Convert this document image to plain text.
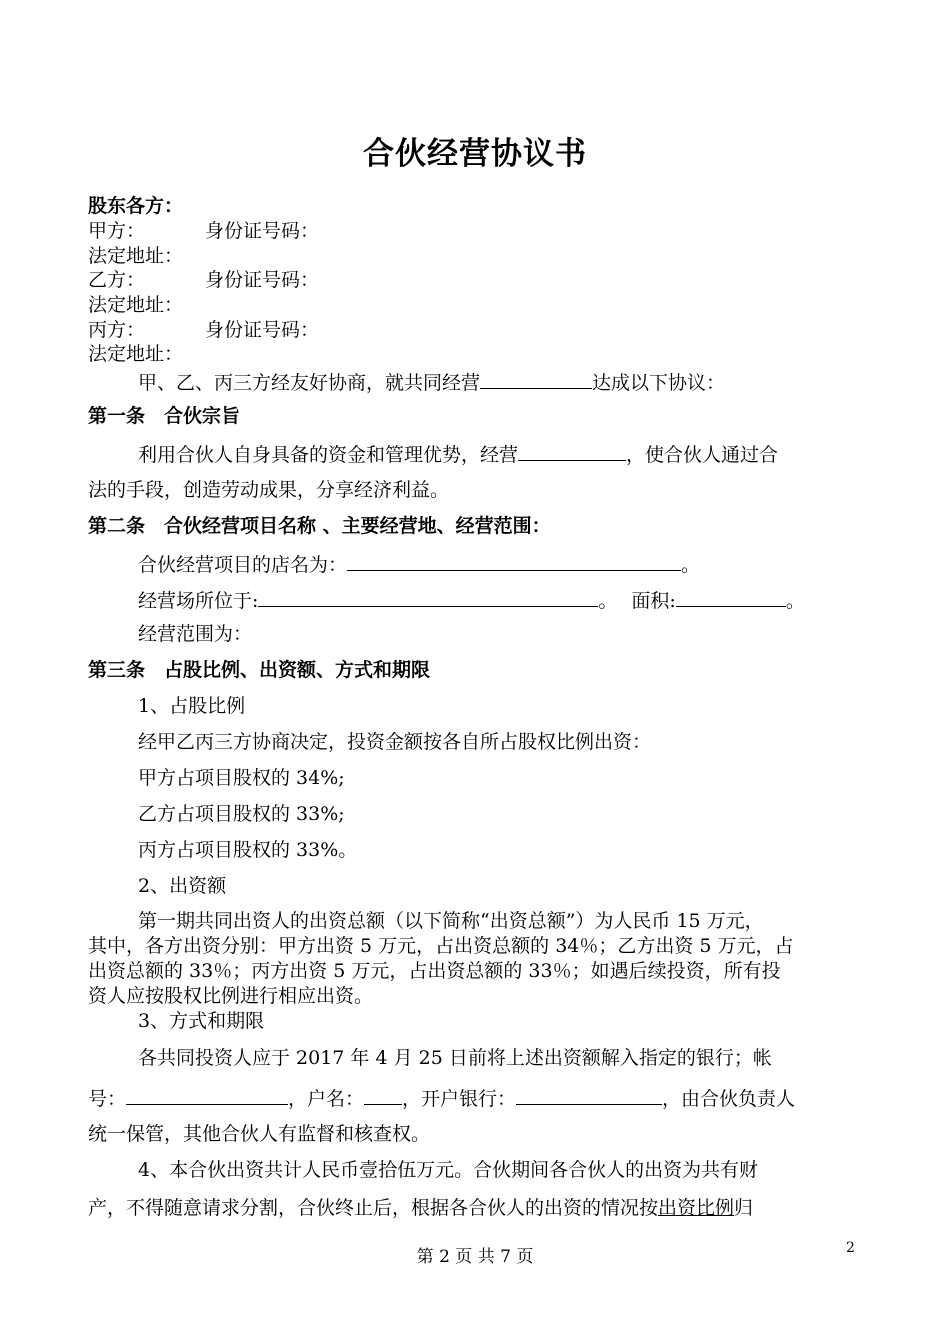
合伙经营协议书
股东各方：
甲方：	身份证号码：
法定地址：
乙方：	身份证号码：
法定地址：
丙方：	身份证号码：
法定地址：
甲、乙、丙三方经友好协商，就共同经营	达成以下协议：
第一条　合伙宗旨
利用合伙人自身具备的资金和管理优势，经营	，使合伙人通过合
法的手段，创造劳动成果，分享经济利益。
第二条　合伙经营项目名称 、主要经营地、经营范围：
合伙经营项目的店名为：	。
经营场所位于:	。 面积:	。
经营范围为：
第三条　占股比例、出资额、方式和期限
1、占股比例
经甲乙丙三方协商决定，投资金额按各自所占股权比例出资：
甲方占项目股权的 34%;
乙方占项目股权的 33%;
丙方占项目股权的 33%。
2、出资额
第一期共同出资人的出资总额（以下简称“出资总额”）为人民币 15 万元，
其中，各方出资分别：甲方出资 5 万元，占出资总额的 34％；乙方出资 5 万元，占
出资总额的 33％；丙方出资 5 万元，占出资总额的 33％；如遇后续投资，所有投
资人应按股权比例进行相应出资。
3、方式和期限
各共同投资人应于 2017 年 4 月 25 日前将上述出资额解入指定的银行；帐
号：	，户名： ，开户银行：	，由合伙负责人
统一保管，其他合伙人有监督和核查权。
4、本合伙出资共计人民币壹拾伍万元。合伙期间各合伙人的出资为共有财
产，不得随意请求分割，合伙终止后，根据各合伙人的出资的情况按出资比例归
第 2 页 共 7 页	2
